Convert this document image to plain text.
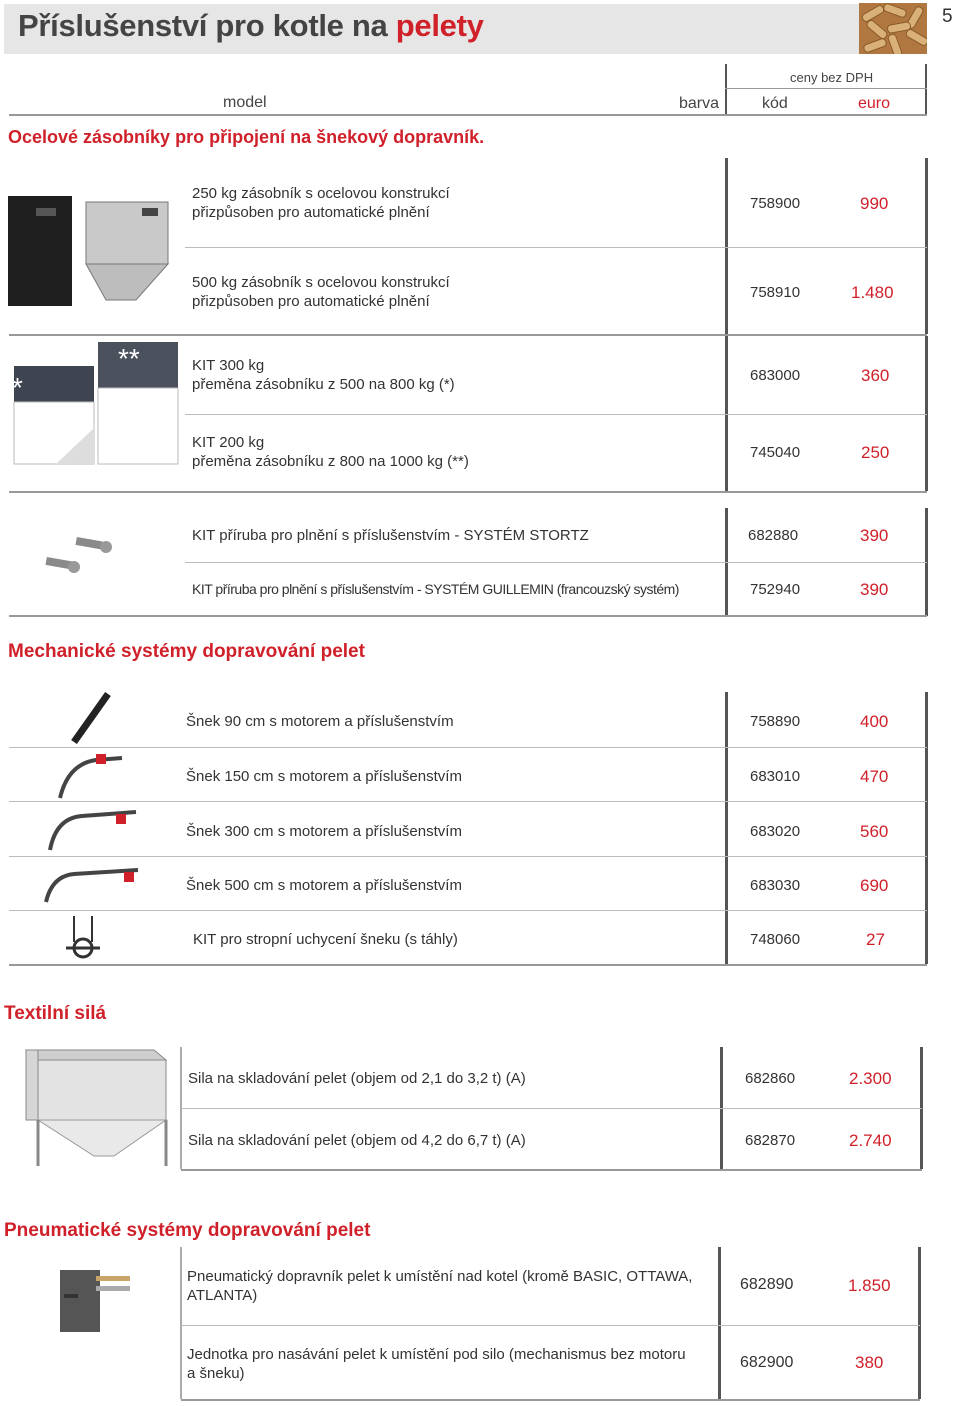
Příslušenství pro kotle na pelety	5
ceny bez DPH
model	barva	kód	euro
Ocelové zásobníky pro připojení na šnekový dopravník.
250 kg zásobník s ocelovou konstrukcí
přizpůsoben pro automatické plnění
758900	990
500 kg zásobník s ocelovou konstrukcí
přizpůsoben pro automatické plnění
758910	1.480
*
**	KIT 300 kg
přeměna zásobníku z 500 na 800 kg (*)
683000	360
KIT 200 kg
přeměna zásobníku z 800 na 1000 kg (**)
745040	250
KIT příruba pro plnění s příslušenstvím - SYSTÉM STORTZ	682880	390
KIT příruba pro plnění s příslušenstvím - SYSTÉM GUILLEMIN (francouzský systém)	752940	390
Mechanické systémy dopravování pelet
Šnek 90 cm s motorem a příslušenstvím	758890	400
Šnek 150 cm s motorem a příslušenstvím	683010	470
Šnek 300 cm s motorem a příslušenstvím	683020	560
Šnek 500 cm s motorem a příslušenstvím	683030	690
KIT pro stropní uchycení šneku (s táhly)	748060	27
Textilní silá
Sila na skladování pelet (objem od 2,1 do 3,2 t) (A)	682860	2.300
Sila na skladování pelet (objem od 4,2 do 6,7 t) (A)	682870	2.740
Pneumatické systémy dopravování pelet
Pneumatický dopravník pelet k umístění nad kotel (kromě BASIC, OTTAWA,
ATLANTA)
682890	1.850
Jednotka pro nasávání pelet k umístění pod silo (mechanismus bez motoru
a šneku)
682900	380
